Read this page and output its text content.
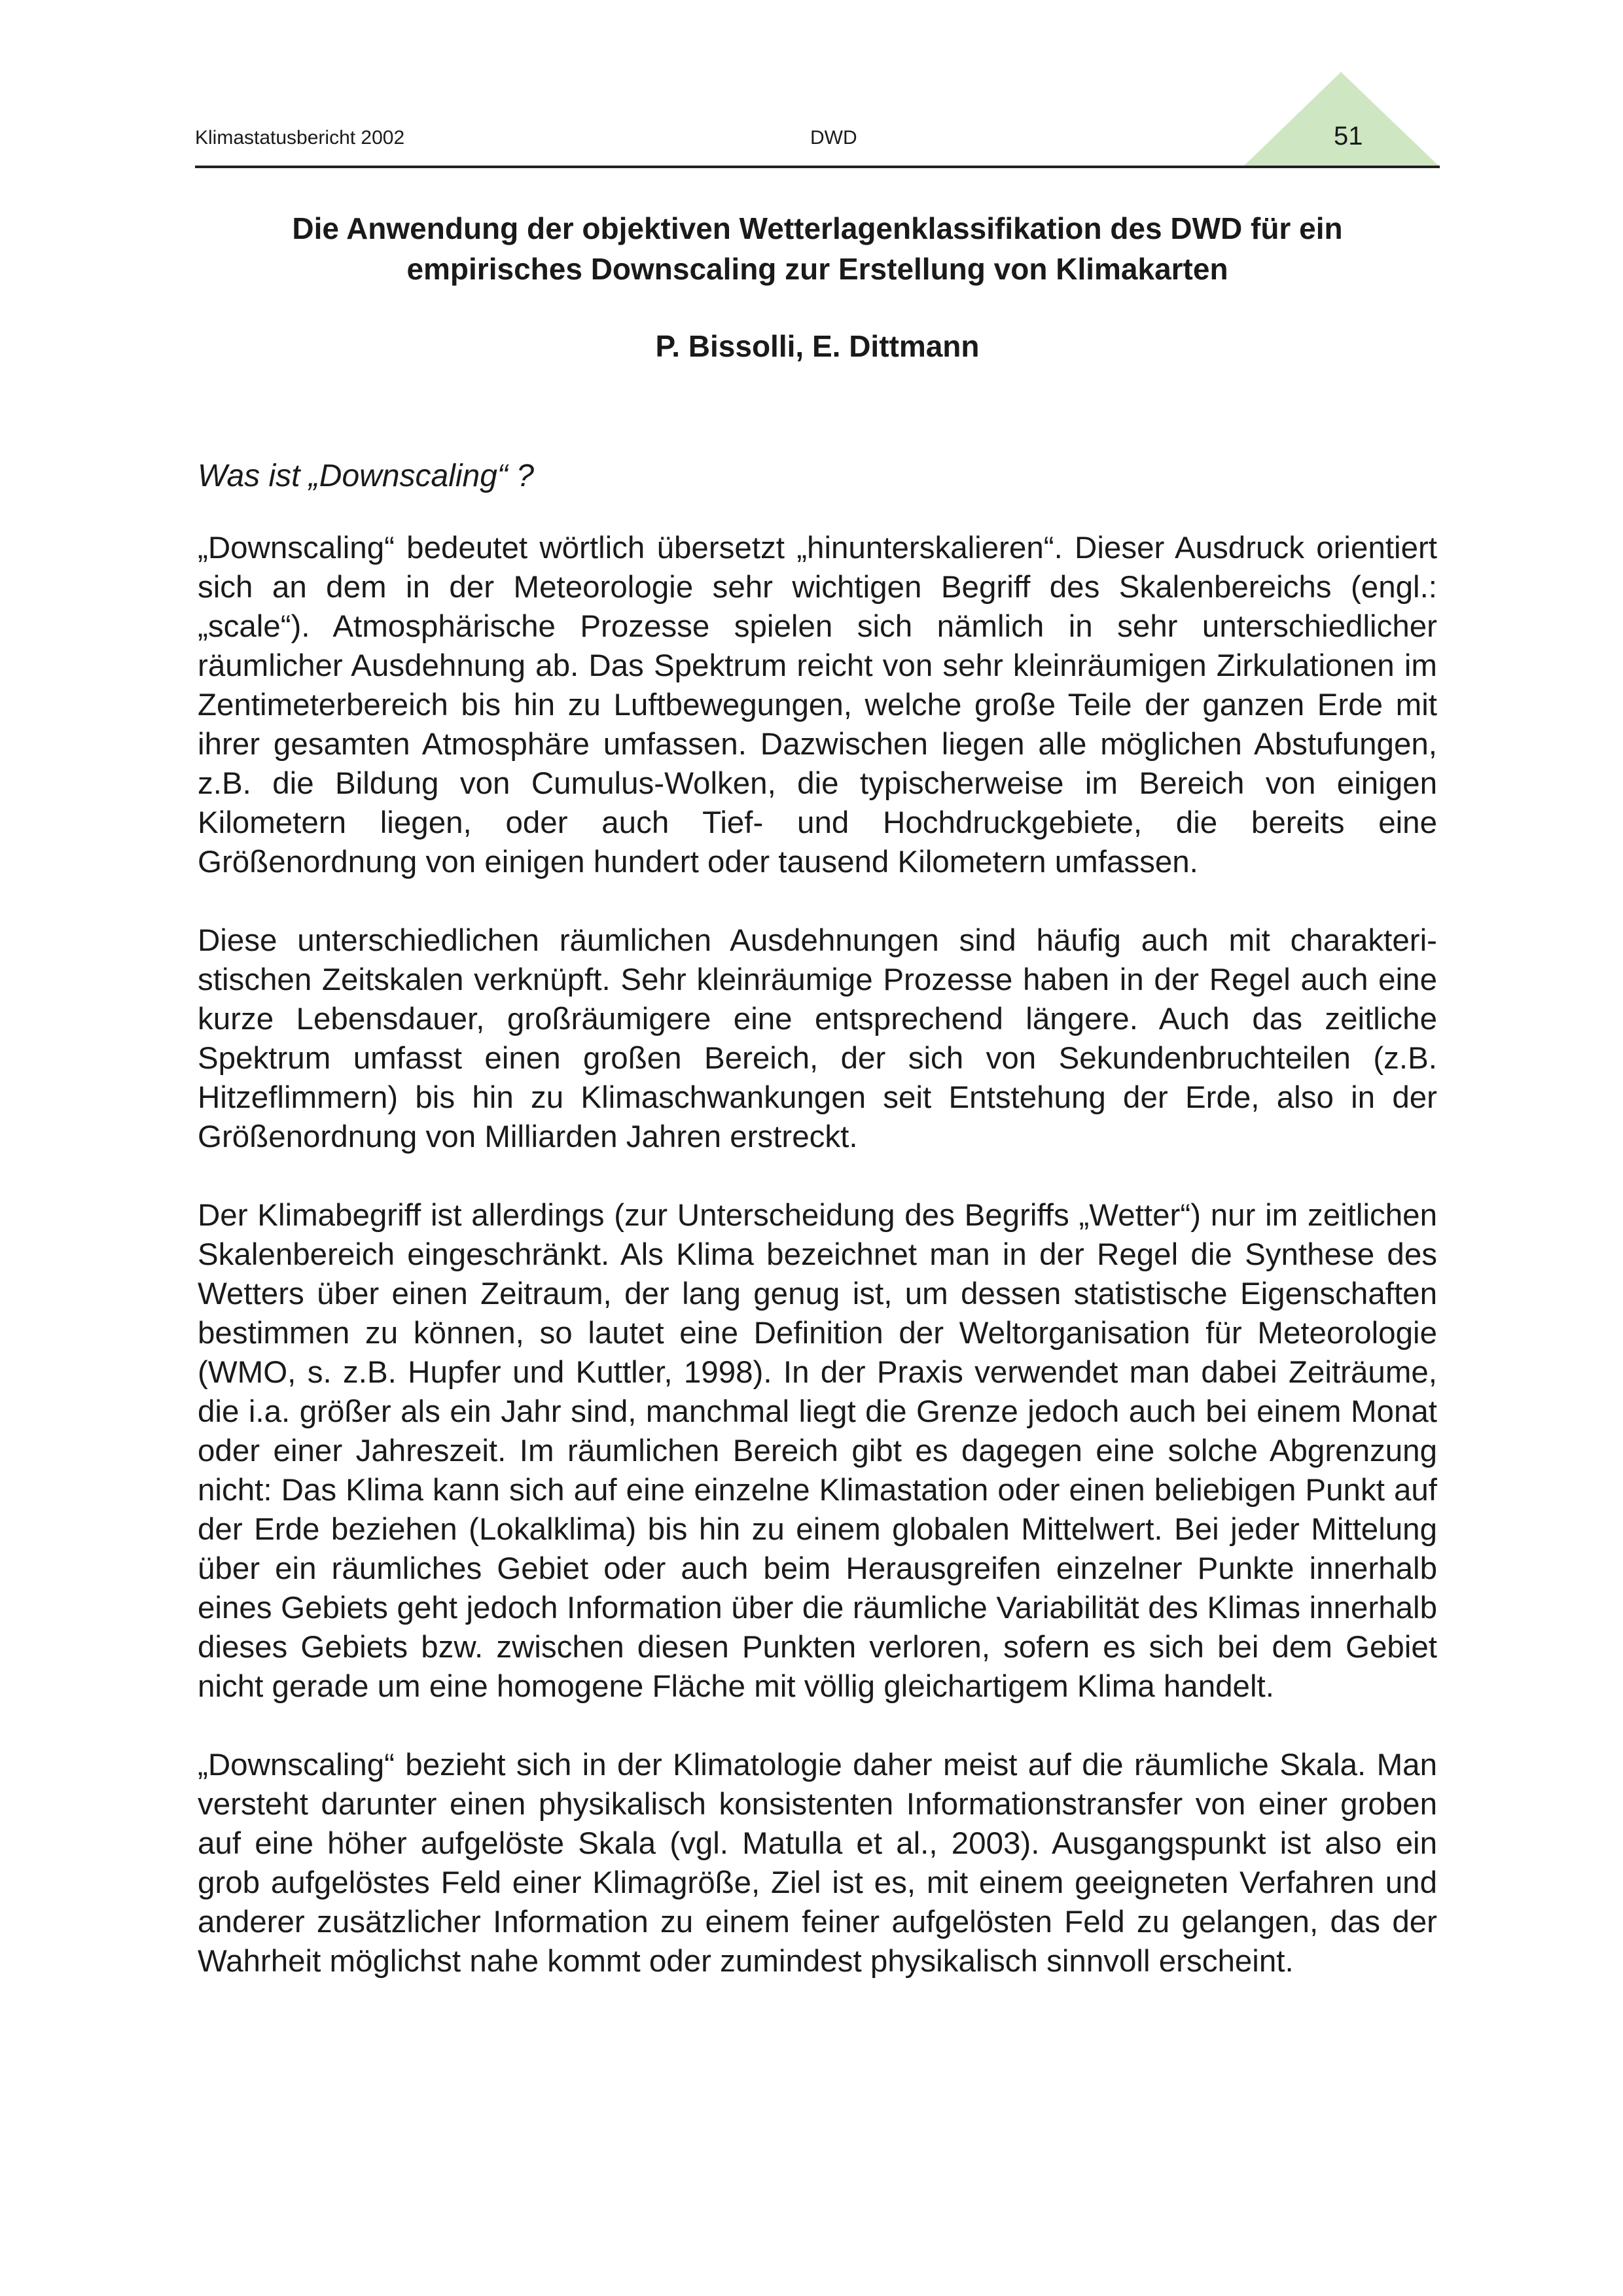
Klimastatusbericht 2002	DWD	51
Die Anwendung der objektiven Wetterlagenklassifikation des DWD für ein
empirisches Downscaling zur Erstellung von Klimakarten
P. Bissolli, E. Dittmann
Was ist „Downscaling“ ?

„Downscaling“ bedeutet wörtlich übersetzt „hinunterskalieren“. Dieser Ausdruck orientiert sich an dem in der Meteorologie sehr wichtigen Begriff des Skalenbereichs (engl.: „scale“). Atmosphärische Prozesse spielen sich nämlich in sehr unterschiedlicher räumlicher Ausdehnung ab. Das Spektrum reicht von sehr kleinräumigen Zirkulationen im Zentimeterbereich bis hin zu Luftbewegungen, welche große Teile der ganzen Erde mit ihrer gesamten Atmosphäre umfassen. Dazwischen liegen alle möglichen Abstufungen, z.B. die Bildung von Cumulus-Wolken, die typischerweise im Bereich von einigen Kilometern liegen, oder auch Tief- und Hochdruckgebiete, die bereits eine Größenordnung von einigen hundert oder tausend Kilometern umfassen.

Diese unterschiedlichen räumlichen Ausdehnungen sind häufig auch mit charakteristischen Zeitskalen verknüpft. Sehr kleinräumige Prozesse haben in der Regel auch eine kurze Lebensdauer, großräumigere eine entsprechend längere. Auch das zeitliche Spektrum umfasst einen großen Bereich, der sich von Sekundenbruchteilen (z.B. Hitzeflimmern) bis hin zu Klimaschwankungen seit Entstehung der Erde, also in der Größenordnung von Milliarden Jahren erstreckt.

Der Klimabegriff ist allerdings (zur Unterscheidung des Begriffs „Wetter“) nur im zeitlichen Skalenbereich eingeschränkt. Als Klima bezeichnet man in der Regel die Synthese des Wetters über einen Zeitraum, der lang genug ist, um dessen statistische Eigenschaften bestimmen zu können, so lautet eine Definition der Weltorganisation für Meteorologie (WMO, s. z.B. Hupfer und Kuttler, 1998). In der Praxis verwendet man dabei Zeiträume, die i.a. größer als ein Jahr sind, manchmal liegt die Grenze jedoch auch bei einem Monat oder einer Jahreszeit. Im räumlichen Bereich gibt es dagegen eine solche Abgrenzung nicht: Das Klima kann sich auf eine einzelne Klimastation oder einen beliebigen Punkt auf der Erde beziehen (Lokalklima) bis hin zu einem globalen Mittelwert. Bei jeder Mittelung über ein räumliches Gebiet oder auch beim Herausgreifen einzelner Punkte innerhalb eines Gebiets geht jedoch Information über die räumliche Variabilität des Klimas innerhalb dieses Gebiets bzw. zwischen diesen Punkten verloren, sofern es sich bei dem Gebiet nicht gerade um eine homogene Fläche mit völlig gleichartigem Klima handelt.

„Downscaling“ bezieht sich in der Klimatologie daher meist auf die räumliche Skala. Man versteht darunter einen physikalisch konsistenten Informationstransfer von einer groben auf eine höher aufgelöste Skala (vgl. Matulla et al., 2003). Ausgangspunkt ist also ein grob aufgelöstes Feld einer Klimagröße, Ziel ist es, mit einem geeigneten Verfahren und anderer zusätzlicher Information zu einem feiner aufgelösten Feld zu gelangen, das der Wahrheit möglichst nahe kommt oder zumindest physikalisch sinnvoll erscheint.
